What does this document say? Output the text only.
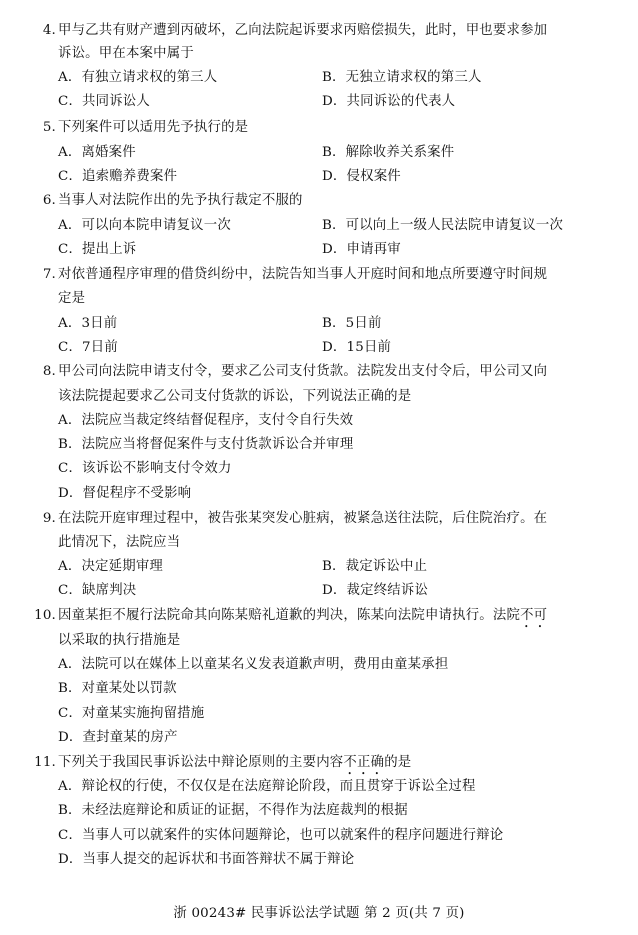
4. 甲与乙共有财产遭到丙破坏，乙向法院起诉要求丙赔偿损失，此时，甲也要求参加
诉讼。甲在本案中属于
A．有独立请求权的第三人	B．无独立请求权的第三人
C．共同诉讼人	D．共同诉讼的代表人
5. 下列案件可以适用先予执行的是
A．离婚案件	B．解除收养关系案件
C．追索赡养费案件	D．侵权案件
6. 当事人对法院作出的先予执行裁定不服的
A．可以向本院申请复议一次	B．可以向上一级人民法院申请复议一次
C．提出上诉	D．申请再审
7. 对依普通程序审理的借贷纠纷中，法院告知当事人开庭时间和地点所要遵守时间规
定是
A．3日前	B．5日前
C．7日前	D．15日前
8. 甲公司向法院申请支付令，要求乙公司支付货款。法院发出支付令后，甲公司又向
该法院提起要求乙公司支付货款的诉讼，下列说法正确的是
A．法院应当裁定终结督促程序，支付令自行失效
B．法院应当将督促案件与支付货款诉讼合并审理
C．该诉讼不影响支付令效力
D．督促程序不受影响
9. 在法院开庭审理过程中，被告张某突发心脏病，被紧急送往法院，后住院治疗。在
此情况下，法院应当
A．决定延期审理	B．裁定诉讼中止
C．缺席判决	D．裁定终结诉讼
10. 因童某拒不履行法院命其向陈某赔礼道歉的判决，陈某向法院申请执行。法院不可
以采取的执行措施是
A．法院可以在媒体上以童某名义发表道歉声明，费用由童某承担
B．对童某处以罚款
C．对童某实施拘留措施
D．查封童某的房产
11. 下列关于我国民事诉讼法中辩论原则的主要内容不正确的是
A．辩论权的行使，不仅仅是在法庭辩论阶段，而且贯穿于诉讼全过程
B．未经法庭辩论和质证的证据，不得作为法庭裁判的根据
C．当事人可以就案件的实体问题辩论，也可以就案件的程序问题进行辩论
D．当事人提交的起诉状和书面答辩状不属于辩论
浙 00243# 民事诉讼法学试题 第 2 页(共 7 页)
